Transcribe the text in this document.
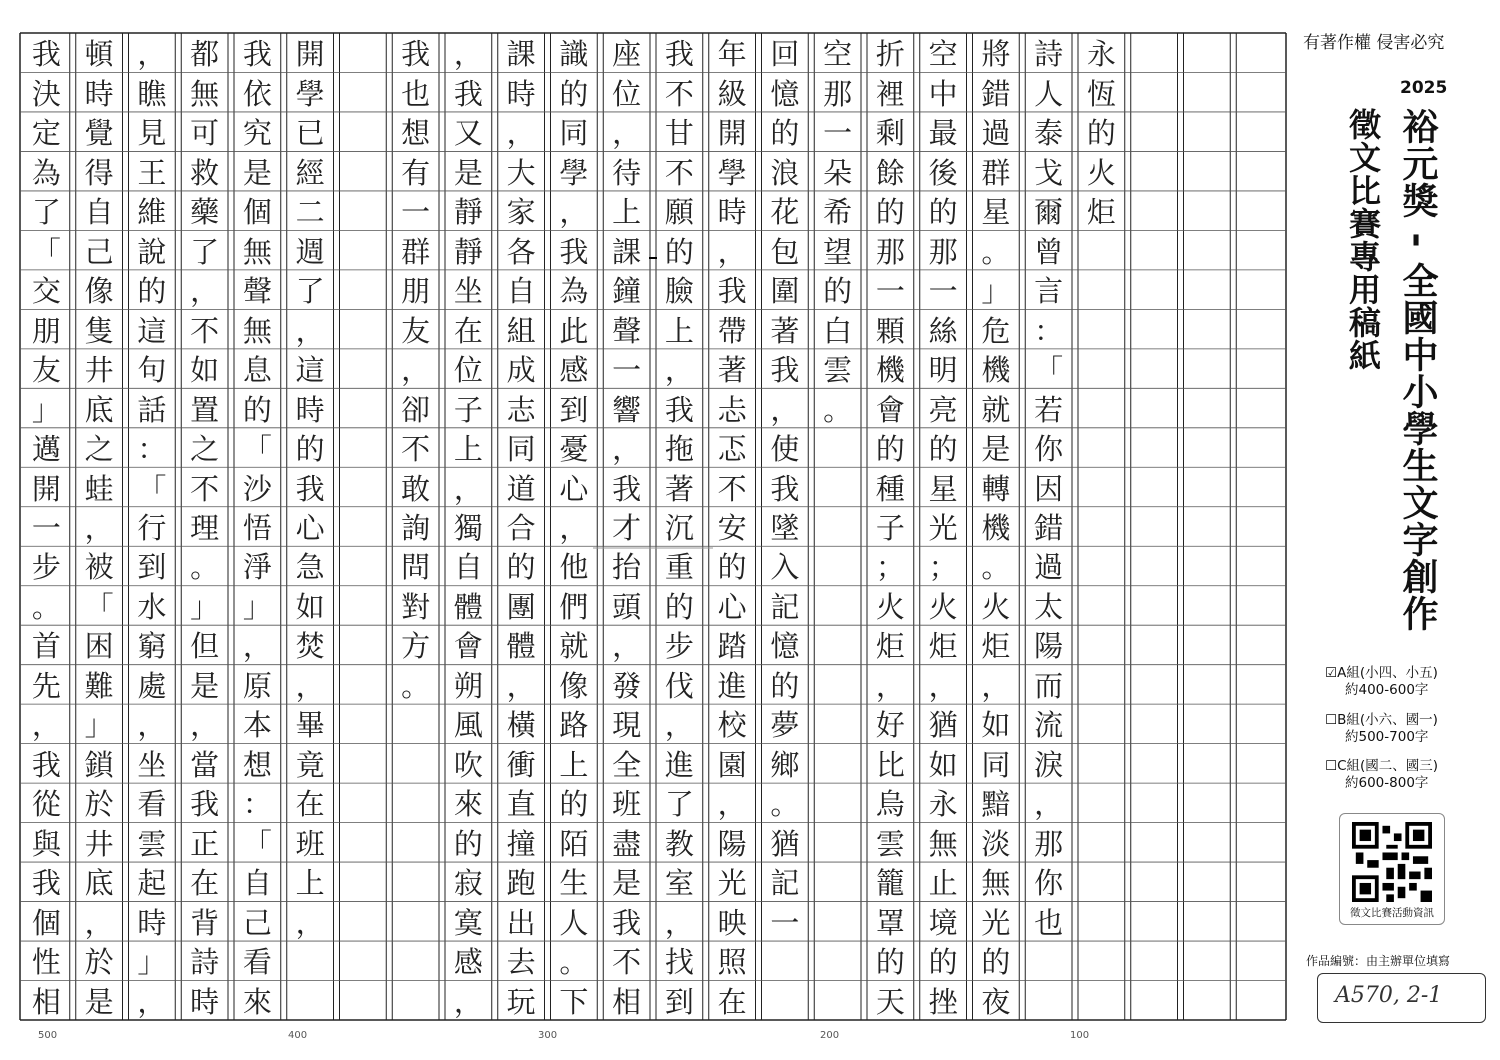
永
恆
的
火
炬
詩
人
泰
戈
爾
曾
言
：
「
若
你
因
錯
過
太
陽
而
流
淚
，
那
你
也
將
錯
過
群
星
。
」
危
機
就
是
轉
機
。
火
炬
，
如
同
黯
淡
無
光
的
夜
空
中
最
後
的
那
一
絲
明
亮
的
星
光
；
火
炬
，
猶
如
永
無
止
境
的
挫
折
裡
剩
餘
的
那
一
顆
機
會
的
種
子
；
火
炬
，
好
比
烏
雲
籠
罩
的
天
空
那
一
朵
希
望
的
白
雲
。
回
憶
的
浪
花
包
圍
著
我
，
使
我
墜
入
記
憶
的
夢
鄉
。
猶
記
一
年
級
開
學
時
，
我
帶
著
忐
忑
不
安
的
心
踏
進
校
園
，
陽
光
映
照
在
我
不
甘
不
願
的
臉
上
，
我
拖
著
沉
重
的
步
伐
，
進
了
教
室
，
找
到
座
位
，
待
上
課
鐘
聲
一
響
，
我
才
抬
頭
，
發
現
全
班
盡
是
我
不
相
識
的
同
學
，
我
為
此
感
到
憂
心
，
他
們
就
像
路
上
的
陌
生
人
。
下
課
時
，
大
家
各
自
組
成
志
同
道
合
的
團
體
，
橫
衝
直
撞
跑
出
去
玩
，
我
又
是
靜
靜
坐
在
位
子
上
，
獨
自
體
會
朔
風
吹
來
的
寂
寞
感
，
我
也
想
有
一
群
朋
友
，
卻
不
敢
詢
問
對
方
。
開
學
已
經
二
週
了
，
這
時
的
我
心
急
如
焚
，
畢
竟
在
班
上
，
我
依
究
是
個
無
聲
無
息
的
「
沙
悟
淨
」
，
原
本
想
：
「
自
己
看
來
都
無
可
救
藥
了
，
不
如
置
之
不
理
。
」
但
是
，
當
我
正
在
背
詩
時
，
瞧
見
王
維
說
的
這
句
話
：
「
行
到
水
窮
處
，
坐
看
雲
起
時
」
，
頓
時
覺
得
自
己
像
隻
井
底
之
蛙
，
被
「
困
難
」
鎖
於
井
底
，
於
是
我
決
定
為
了
「
交
朋
友
」
邁
開
一
步
。
首
先
，
我
從
與
我
個
性
相
有著作權 侵害必究
2025
裕元獎 - 全國中小學生文字創作
徵文比賽專用稿紙
☑A組(小四、小五)
約400-600字
☐B組(小六、國一)
約500-700字
☐C組(國二、國三)
約600-800字
徵文比賽活動資訊
作品編號：由主辦單位填寫
A570, 2-1
500	400	300	200	100
